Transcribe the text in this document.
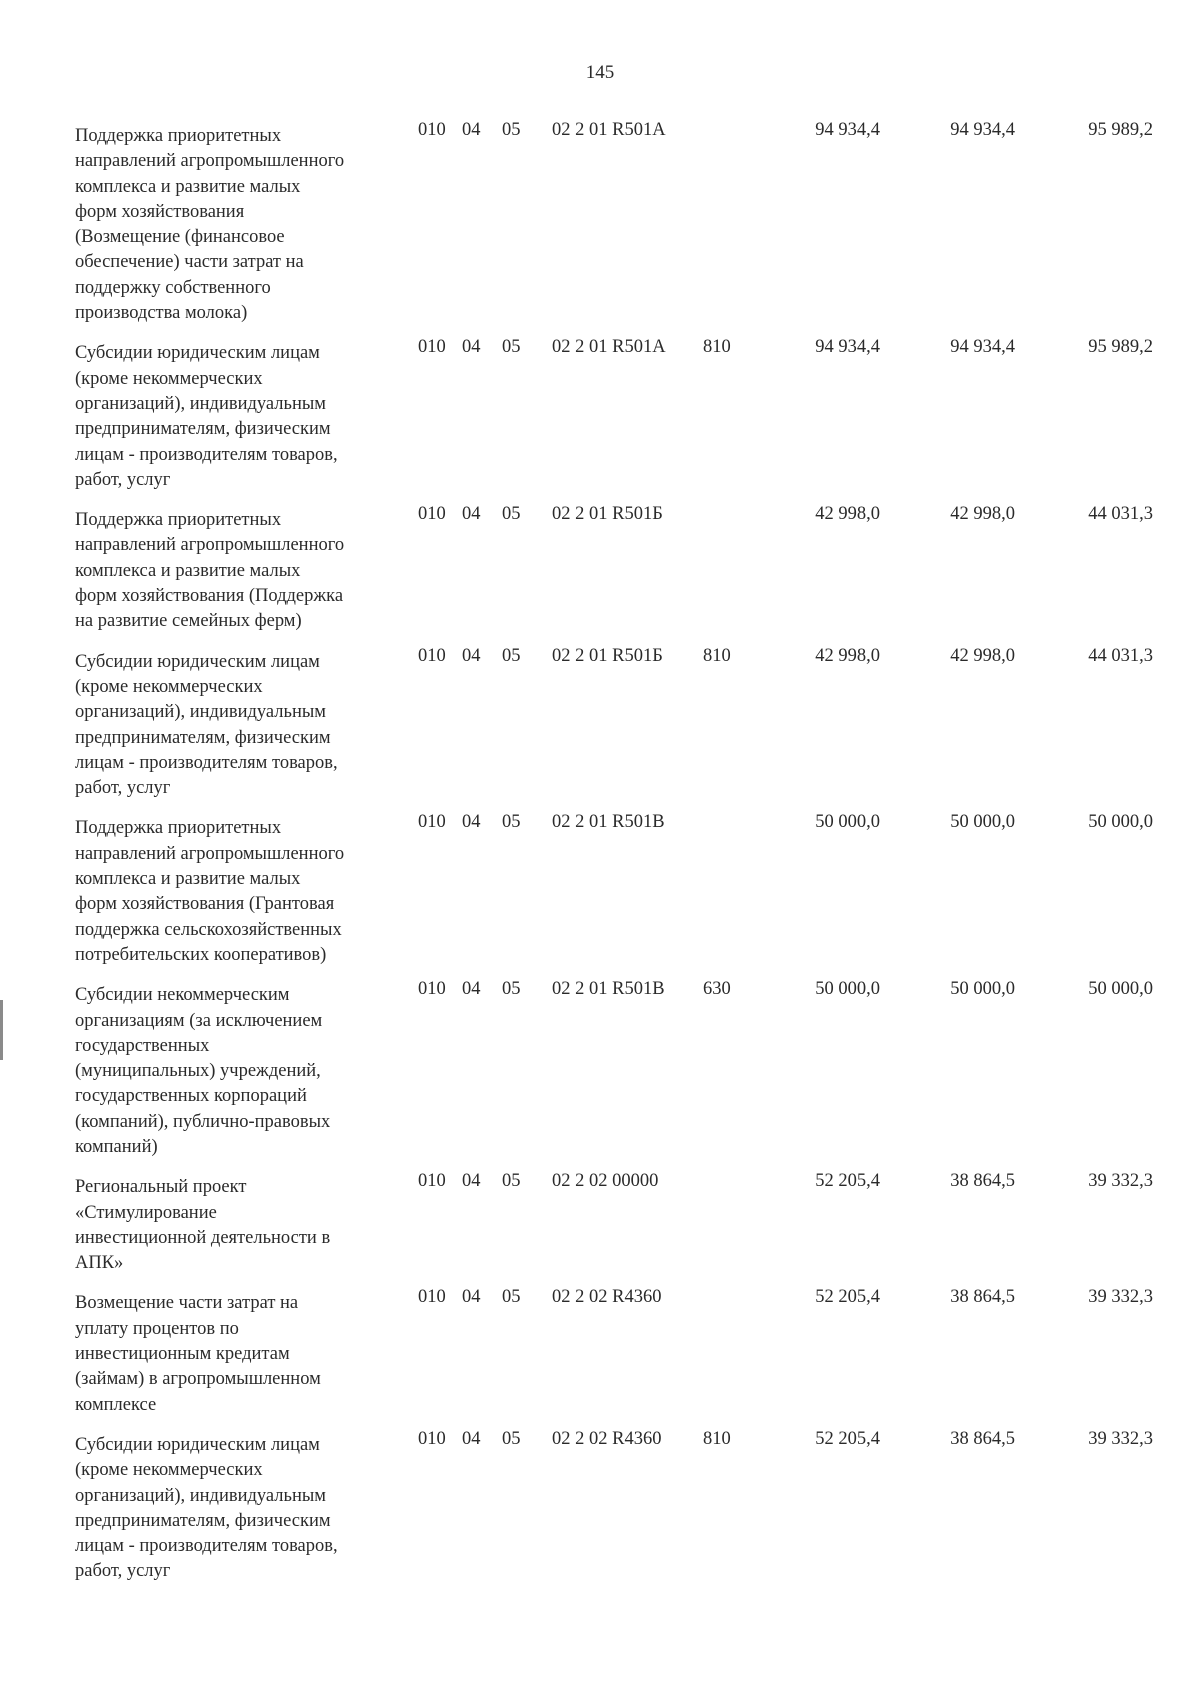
145
Поддержка приоритетных
направлений агропромышленного
комплекса и развитие малых
форм хозяйствования
(Возмещение (финансовое
обеспечение) части затрат на
поддержку собственного
производства молока)
010 04 05 02 2 01 R501А	94 934,4	94 934,4	95 989,2
Субсидии юридическим лицам
(кроме некоммерческих
организаций), индивидуальным
предпринимателям, физическим
лицам - производителям товаров,
работ, услуг
010 04 05 02 2 01 R501А 810	94 934,4	94 934,4	95 989,2
Поддержка приоритетных
направлений агропромышленного
комплекса и развитие малых
форм хозяйствования (Поддержка
на развитие семейных ферм)
010 04 05 02 2 01 R501Б	42 998,0	42 998,0	44 031,3
Субсидии юридическим лицам
(кроме некоммерческих
организаций), индивидуальным
предпринимателям, физическим
лицам - производителям товаров,
работ, услуг
010 04 05 02 2 01 R501Б 810	42 998,0	42 998,0	44 031,3
Поддержка приоритетных
направлений агропромышленного
комплекса и развитие малых
форм хозяйствования (Грантовая
поддержка сельскохозяйственных
потребительских кооперативов)
010 04 05 02 2 01 R501В	50 000,0	50 000,0	50 000,0
Субсидии некоммерческим
организациям (за исключением
государственных
(муниципальных) учреждений,
государственных корпораций
(компаний), публично-правовых
компаний)
010 04 05 02 2 01 R501В 630	50 000,0	50 000,0	50 000,0
Региональный проект
«Стимулирование
инвестиционной деятельности в
АПК»
010 04 05 02 2 02 00000	52 205,4	38 864,5	39 332,3
Возмещение части затрат на
уплату процентов по
инвестиционным кредитам
(займам) в агропромышленном
комплексе
010 04 05 02 2 02 R4360	52 205,4	38 864,5	39 332,3
Субсидии юридическим лицам
(кроме некоммерческих
организаций), индивидуальным
предпринимателям, физическим
лицам - производителям товаров,
работ, услуг
010 04 05 02 2 02 R4360 810	52 205,4	38 864,5	39 332,3
